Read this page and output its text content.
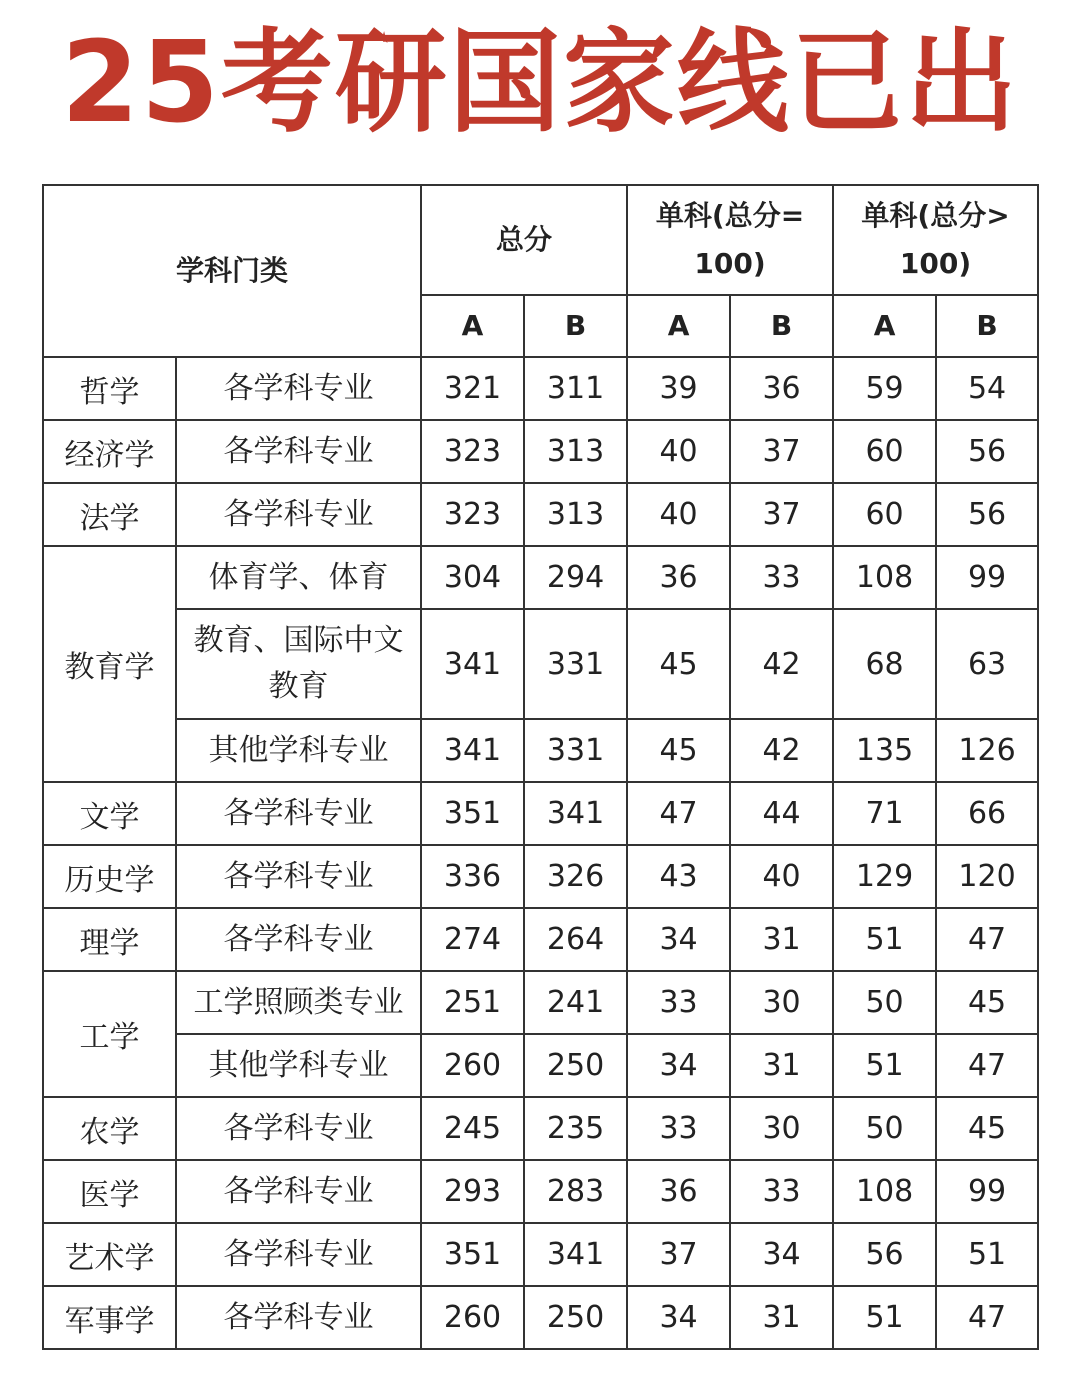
25考研国家线已出
学科门类		总分		单科(总分=100)		单科(总分>100)	
		A	B	A	B	A	B
哲学	各学科专业	321	311	39	36	59	54
经济学	各学科专业	323	313	40	37	60	56
法学	各学科专业	323	313	40	37	60	56
教育学	体育学、体育	304	294	36	33	108	99
	教育、国际中文教育	341	331	45	42	68	63
	其他学科专业	341	331	45	42	135	126
文学	各学科专业	351	341	47	44	71	66
历史学	各学科专业	336	326	43	40	129	120
理学	各学科专业	274	264	34	31	51	47
工学	工学照顾类专业	251	241	33	30	50	45
	其他学科专业	260	250	34	31	51	47
农学	各学科专业	245	235	33	30	50	45
医学	各学科专业	293	283	36	33	108	99
艺术学	各学科专业	351	341	37	34	56	51
军事学	各学科专业	260	250	34	31	51	47
